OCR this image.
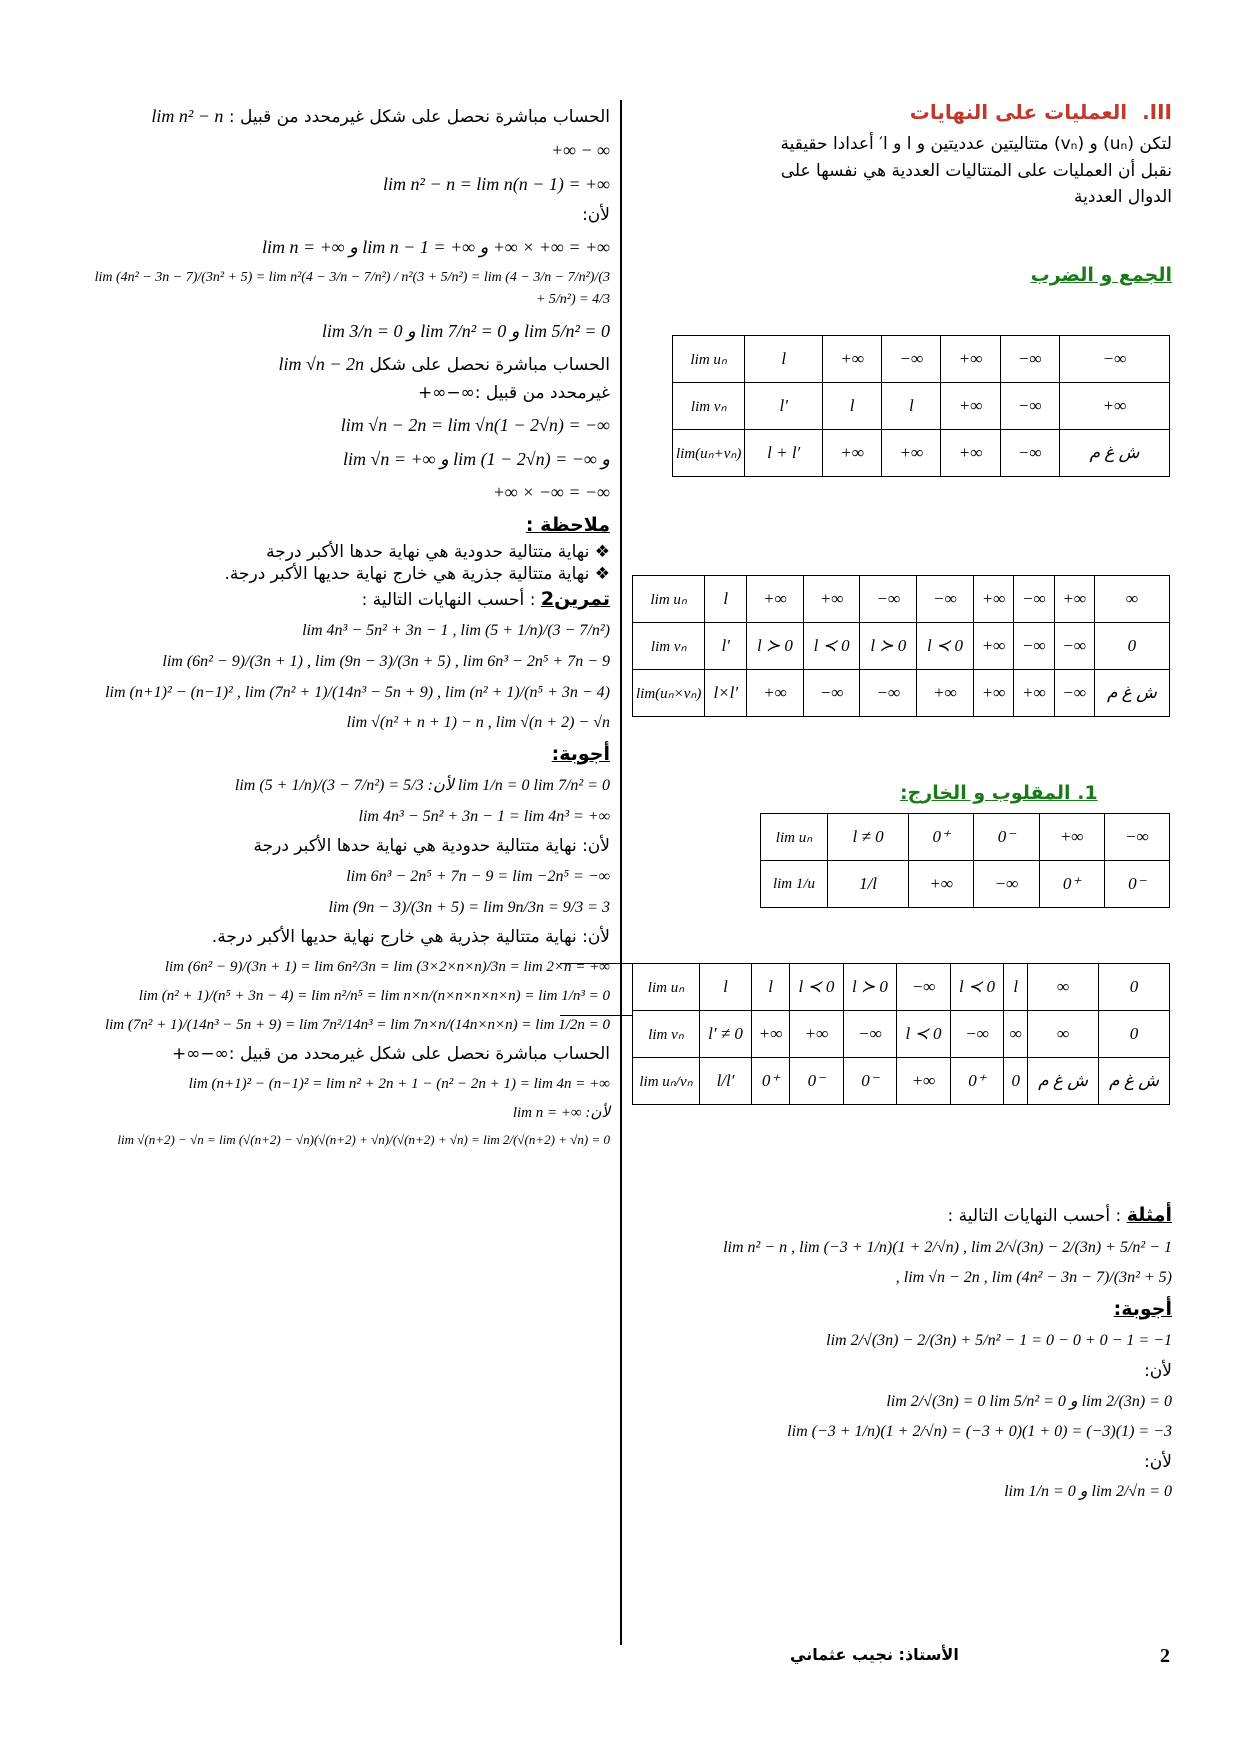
III. العمليات على النهايات

لتكن (uₙ) و (vₙ) متتاليتين عدديتين و l و l′ أعدادا حقيقية

نقبل أن العمليات على المتتاليات العددية هي نفسها على

الدوال العددية

الجمع و الضرب
lim uₙ	l	+∞	−∞	+∞	−∞	−∞
lim vₙ	l′	l	l	+∞	−∞	+∞
lim(uₙ+vₙ)	l + l′	+∞	+∞	+∞	−∞	ش غ م
lim uₙ	l	+∞	+∞	−∞	−∞	+∞	−∞	+∞	∞
lim vₙ	l′	l ≻ 0	l ≺ 0	l ≻ 0	l ≺ 0	+∞	−∞	−∞	0
lim(uₙ×vₙ)	l×l′	+∞	−∞	−∞	+∞	+∞	+∞	−∞	ش غ م
1. المقلوب و الخارج:
lim uₙ	l ≠ 0	0⁺	0⁻	+∞	−∞
lim 1/u	1/l	+∞	−∞	0⁺	0⁻
lim uₙ	l	l	l ≺ 0	l ≻ 0	−∞	l ≺ 0	l	∞	0
lim vₙ	l′ ≠ 0	+∞	+∞	−∞	l ≺ 0	−∞	∞	∞	0
lim uₙ/vₙ	l/l′	0⁺	0⁻	0⁻	+∞	0⁺	0	ش غ م	ش غ م

أمثلة : أحسب النهايات التالية :

lim n² − n , lim (−3 + 1/n)(1 + 2/√n) , lim 2/√(3n) − 2/(3n) + 5/n² − 1
, lim √n − 2n , lim (4n² − 3n − 7)/(3n² + 5)

أجوبة:

lim 2/√(3n) − 2/(3n) + 5/n² − 1 = 0 − 0 + 0 − 1 = −1

لأن:

lim 2/√(3n) = 0 lim 5/n² = 0 و lim 2/(3n) = 0
lim (−3 + 1/n)(1 + 2/√n) = (−3 + 0)(1 + 0) = (−3)(1) = −3

لأن:

lim 1/n = 0 و lim 2/√n = 0

الحساب مباشرة نحصل على شكل غيرمحدد من قبيل : lim n² − n

+∞ − ∞
lim n² − n = lim n(n − 1) = +∞

لأن:

lim n = +∞ و lim n − 1 = +∞ و +∞ × +∞ = +∞
lim (4n² − 3n − 7)/(3n² + 5) = lim n²(4 − 3/n − 7/n²) / n²(3 + 5/n²) = lim (4 − 3/n − 7/n²)/(3 + 5/n²) = 4/3
lim 3/n = 0 و lim 7/n² = 0 و lim 5/n² = 0

الحساب مباشرة نحصل على شكل lim √n − 2n

غيرمحدد من قبيل :∞−∞+

lim √n − 2n = lim √n(1 − 2√n) = −∞
lim √n = +∞ و lim (1 − 2√n) = −∞ و
+∞ × −∞ = −∞

ملاحظة :

❖ نهاية متتالية حدودية هي نهاية حدها الأكبر درجة
❖ نهاية متتالية جذرية هي خارج نهاية حديها الأكبر درجة.

تمرين2 : أحسب النهايات التالية :

lim 4n³ − 5n² + 3n − 1 , lim (5 + 1/n)/(3 − 7/n²)
lim (6n² − 9)/(3n + 1) , lim (9n − 3)/(3n + 5) , lim 6n³ − 2n⁵ + 7n − 9
lim (n+1)² − (n−1)² , lim (7n² + 1)/(14n³ − 5n + 9) , lim (n² + 1)/(n⁵ + 3n − 4)
lim √(n² + n + 1) − n , lim √(n + 2) − √n

أجوبة:

lim (5 + 1/n)/(3 − 7/n²) = 5/3 :لأن lim 1/n = 0 lim 7/n² = 0
lim 4n³ − 5n² + 3n − 1 = lim 4n³ = +∞

لأن: نهاية متتالية حدودية هي نهاية حدها الأكبر درجة

lim 6n³ − 2n⁵ + 7n − 9 = lim −2n⁵ = −∞
lim (9n − 3)/(3n + 5) = lim 9n/3n = 9/3 = 3

لأن: نهاية متتالية جذرية هي خارج نهاية حديها الأكبر درجة.

lim (6n² − 9)/(3n + 1) = lim 6n²/3n = lim (3×2×n×n)/3n = lim 2×n = +∞
lim (n² + 1)/(n⁵ + 3n − 4) = lim n²/n⁵ = lim n×n/(n×n×n×n×n) = lim 1/n³ = 0
lim (7n² + 1)/(14n³ − 5n + 9) = lim 7n²/14n³ = lim 7n×n/(14n×n×n) = lim 1/2n = 0

الحساب مباشرة نحصل على شكل غيرمحدد من قبيل :∞−∞+

lim (n+1)² − (n−1)² = lim n² + 2n + 1 − (n² − 2n + 1) = lim 4n = +∞
lim n = +∞ :لأن
lim √(n+2) − √n = lim (√(n+2) − √n)(√(n+2) + √n)/(√(n+2) + √n) = lim 2/(√(n+2) + √n) = 0
2
الأستاذ: نجيب عثماني
